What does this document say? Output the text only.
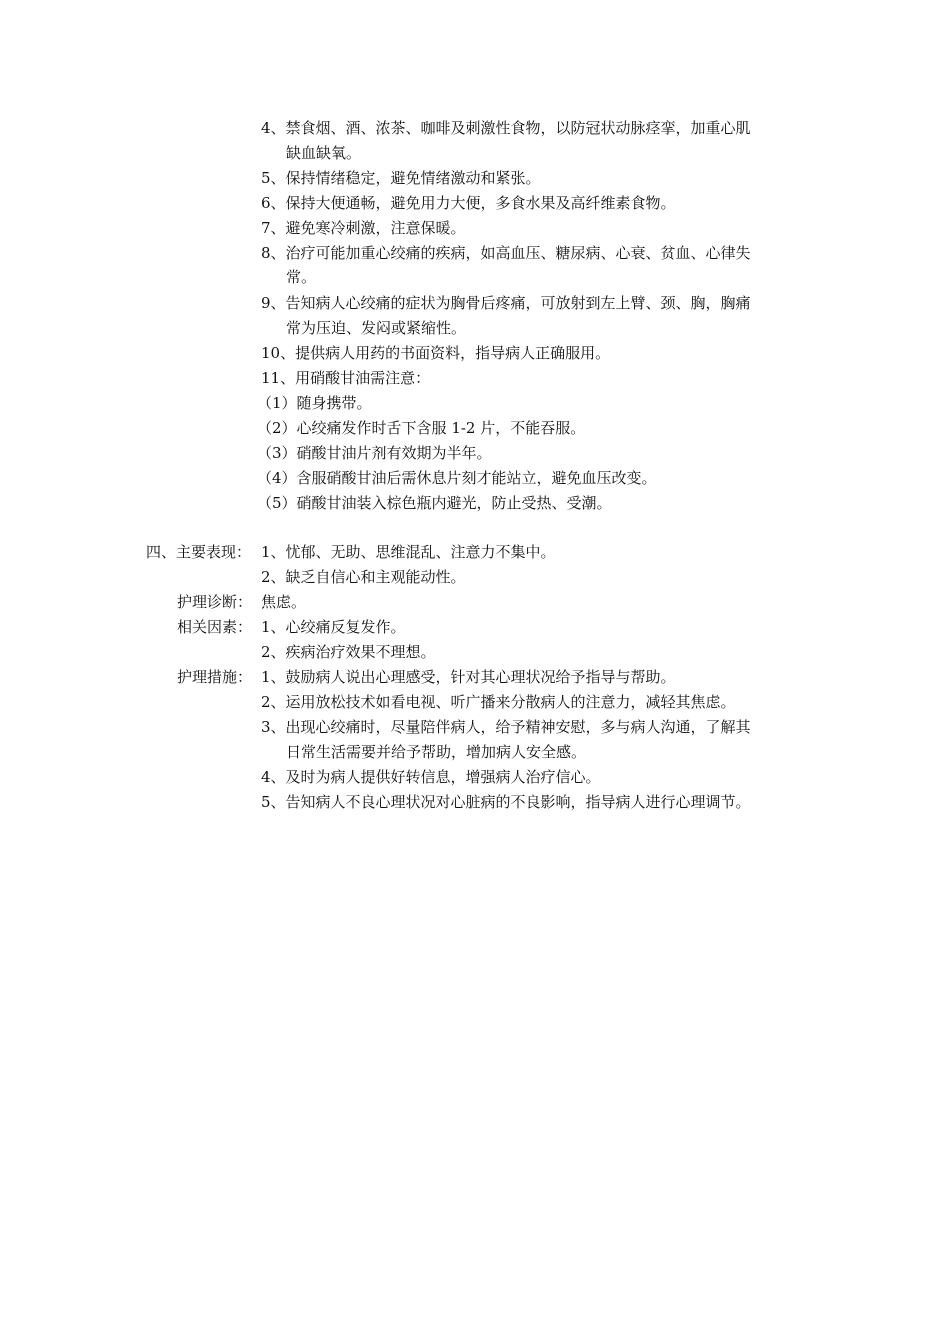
4、禁食烟、酒、浓茶、咖啡及刺激性食物，以防冠状动脉痉挛，加重心肌
缺血缺氧。
5、保持情绪稳定，避免情绪激动和紧张。
6、保持大便通畅，避免用力大便，多食水果及高纤维素食物。
7、避免寒冷刺激，注意保暖。
8、治疗可能加重心绞痛的疾病，如高血压、糖尿病、心衰、贫血、心律失
常。
9、告知病人心绞痛的症状为胸骨后疼痛，可放射到左上臂、颈、胸，胸痛
常为压迫、发闷或紧缩性。
10、提供病人用药的书面资料，指导病人正确服用。
11、用硝酸甘油需注意：
（1）随身携带。
（2）心绞痛发作时舌下含服 1-2 片，不能吞服。
（3）硝酸甘油片剂有效期为半年。
（4）含服硝酸甘油后需休息片刻才能站立，避免血压改变。
（5）硝酸甘油装入棕色瓶内避光，防止受热、受潮。
四、主要表现： 1、忧郁、无助、思维混乱、注意力不集中。
2、缺乏自信心和主观能动性。
护理诊断： 焦虑。
相关因素： 1、心绞痛反复发作。
2、疾病治疗效果不理想。
护理措施： 1、鼓励病人说出心理感受，针对其心理状况给予指导与帮助。
2、运用放松技术如看电视、听广播来分散病人的注意力，减轻其焦虑。
3、出现心绞痛时，尽量陪伴病人，给予精神安慰，多与病人沟通，了解其
日常生活需要并给予帮助，增加病人安全感。
4、及时为病人提供好转信息，增强病人治疗信心。
5、告知病人不良心理状况对心脏病的不良影响，指导病人进行心理调节。
